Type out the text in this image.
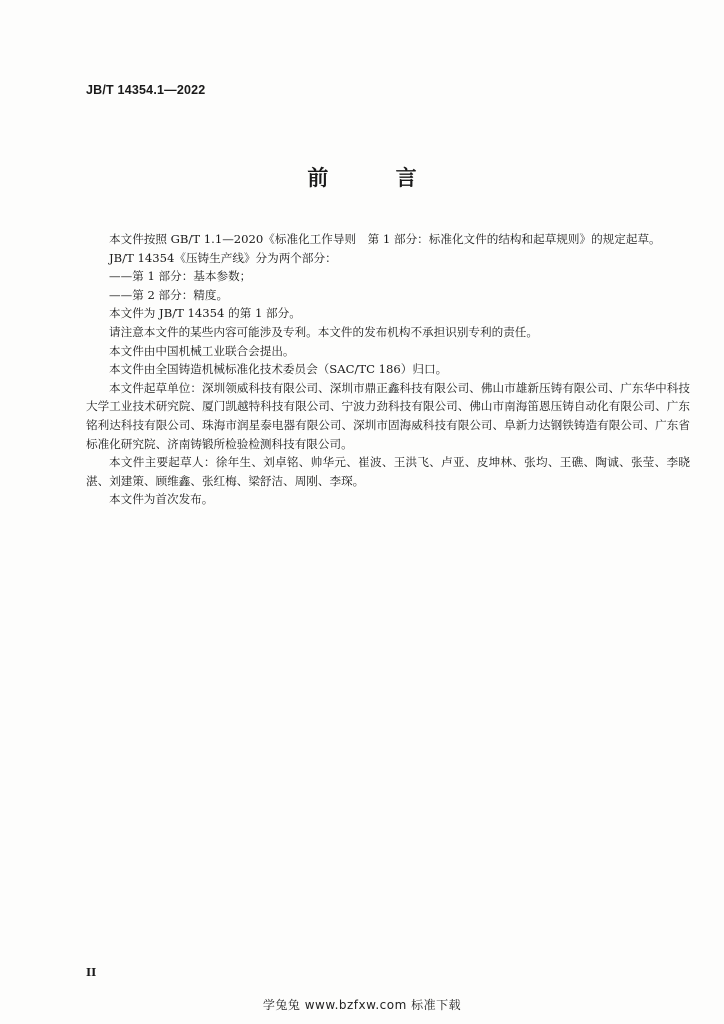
JB/T 14354.1—2022
前 言

本文件按照 GB/T 1.1—2020《标准化工作导则　第 1 部分：标准化文件的结构和起草规则》的规定起草。

JB/T 14354《压铸生产线》分为两个部分：

——第 1 部分：基本参数；

——第 2 部分：精度。

本文件为 JB/T 14354 的第 1 部分。

请注意本文件的某些内容可能涉及专利。本文件的发布机构不承担识别专利的责任。

本文件由中国机械工业联合会提出。

本文件由全国铸造机械标准化技术委员会（SAC/TC 186）归口。

本文件起草单位：深圳领威科技有限公司、深圳市鼎正鑫科技有限公司、佛山市雄新压铸有限公司、广东华中科技大学工业技术研究院、厦门凯越特科技有限公司、宁波力劲科技有限公司、佛山市南海笛恩压铸自动化有限公司、广东铭利达科技有限公司、珠海市润星泰电器有限公司、深圳市固海威科技有限公司、阜新力达钢铁铸造有限公司、广东省标准化研究院、济南铸锻所检验检测科技有限公司。

本文件主要起草人：徐年生、刘卓铭、帅华元、崔波、王洪飞、卢亚、皮坤林、张均、王礁、陶诚、张莹、李晓湛、刘建策、顾维鑫、张红梅、梁舒洁、周刚、李琛。

本文件为首次发布。

II
学兔兔 www.bzfxw.com 标准下载
